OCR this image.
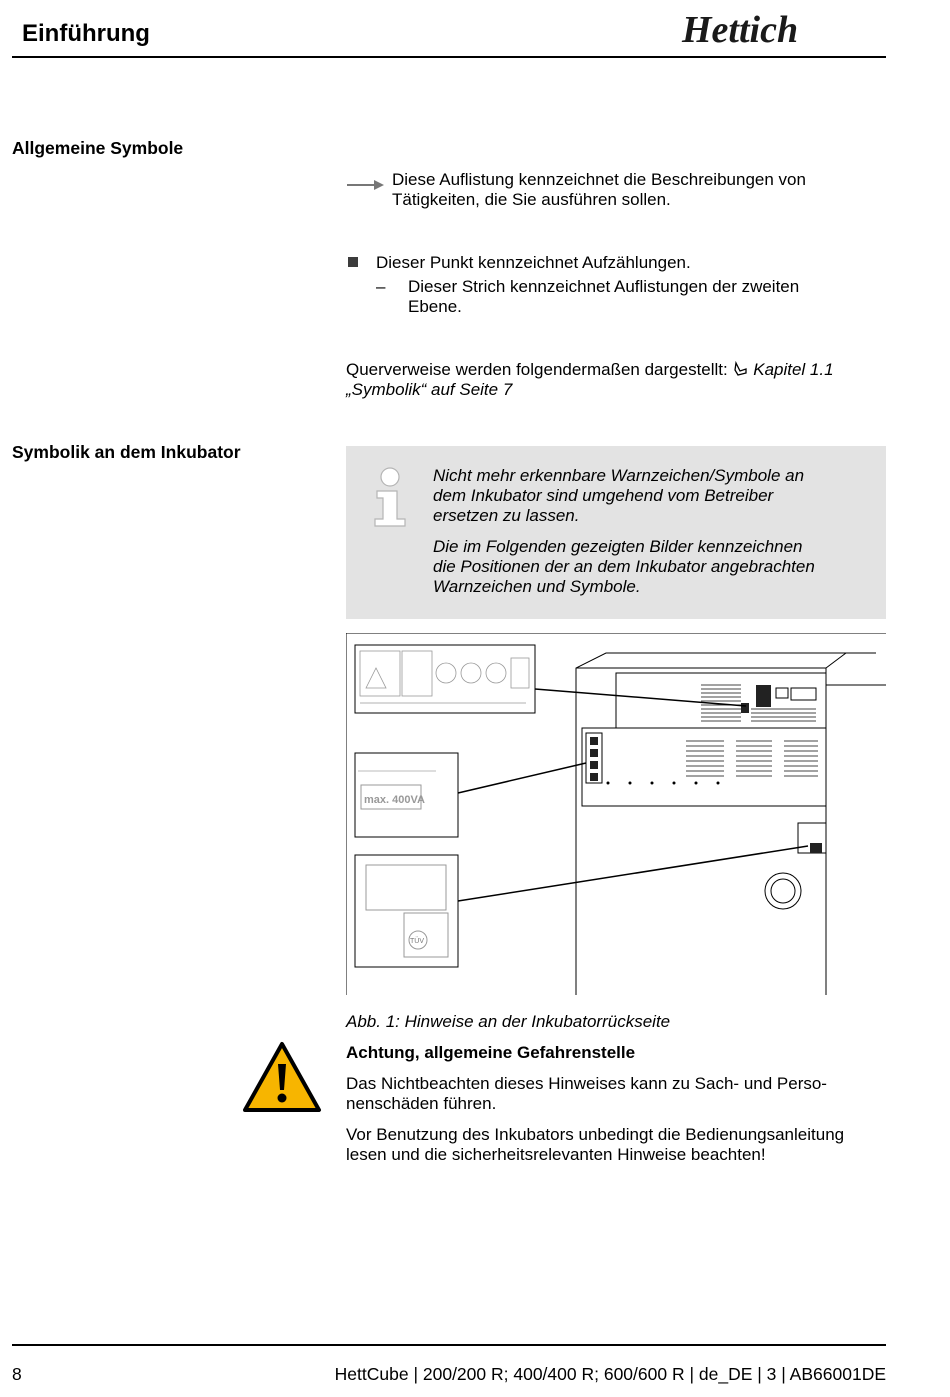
Einführung	Hettich
Allgemeine Symbole
Diese Auflistung kennzeichnet die Beschreibungen von
Tätigkeiten, die Sie ausführen sollen.
Dieser Punkt kennzeichnet Aufzählungen.
– Dieser Strich kennzeichnet Auflistungen der zweiten
Ebene.
Querverweise werden folgendermaßen dargestellt: Kapitel 1.1
„Symbolik“ auf Seite 7
Symbolik an dem Inkubator
Nicht mehr erkennbare Warnzeichen/Symbole an
dem Inkubator sind umgehend vom Betreiber
ersetzen zu lassen.
Die im Folgenden gezeigten Bilder kennzeichnen
die Positionen der an dem Inkubator angebrachten
Warnzeichen und Symbole.
max. 400VA
TÜV
Abb. 1: Hinweise an der Inkubatorrückseite
Achtung, allgemeine Gefahrenstelle
Das Nichtbeachten dieses Hinweises kann zu Sach- und Perso-
nenschäden führen.
Vor Benutzung des Inkubators unbedingt die Bedienungsanleitung
lesen und die sicherheitsrelevanten Hinweise beachten!
8	HettCube | 200/200 R; 400/400 R; 600/600 R | de_DE | 3 | AB66001DE
